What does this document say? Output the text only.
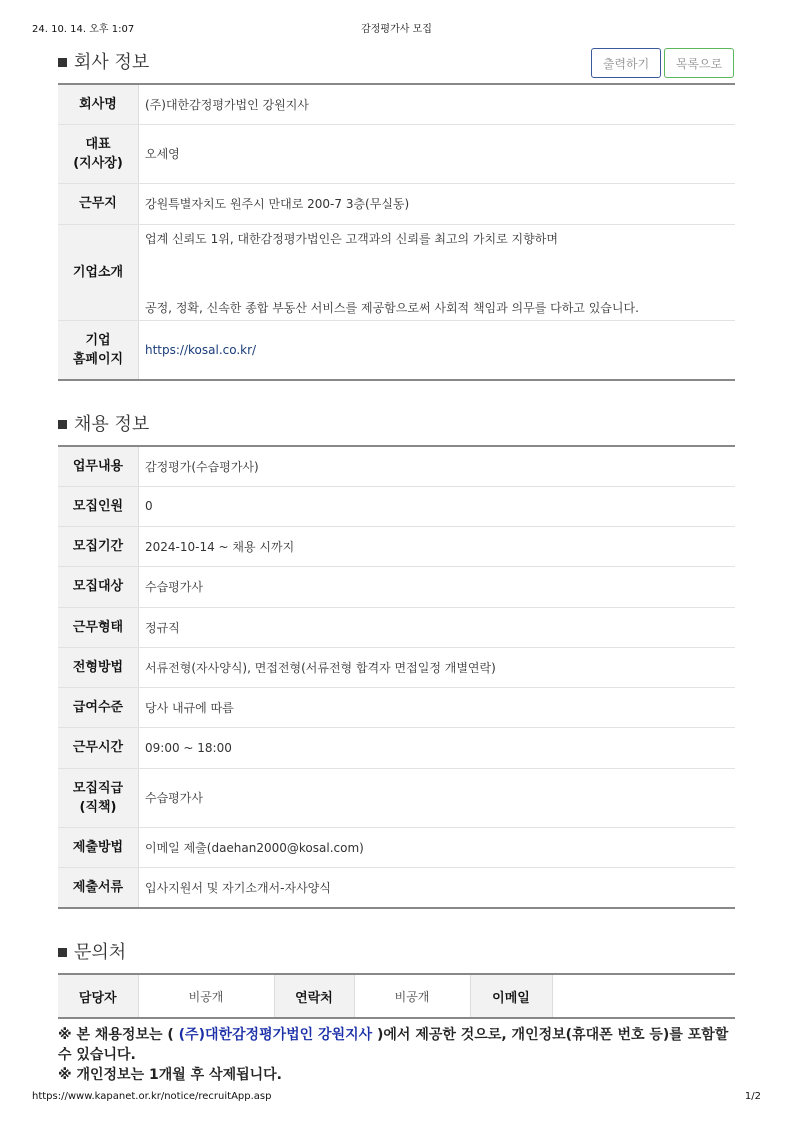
24. 10. 14. 오후 1:07	감정평가사 모집
회사 정보	출력하기	목록으로
회사명	(주)대한감정평가법인 강원지사
대표
(지사장)	오세영
근무지	강원특별자치도 원주시 만대로 200-7 3층(무실동)
기업소개	업계 신뢰도 1위, 대한감정평가법인은 고객과의 신뢰를 최고의 가치로 지향하며
공정, 정확, 신속한 종합 부동산 서비스를 제공함으로써 사회적 책임과 의무를 다하고 있습니다.

기업
홈페이지	https://kosal.co.kr/
채용 정보
업무내용	감정평가(수습평가사)
모집인원	0
모집기간	2024-10-14 ~ 채용 시까지
모집대상	수습평가사
근무형태	정규직
전형방법	서류전형(자사양식), 면접전형(서류전형 합격자 면접일정 개별연락)
급여수준	당사 내규에 따름
근무시간	09:00 ~ 18:00
모집직급
(직책)	수습평가사
제출방법	이메일 제출(daehan2000@kosal.com)
제출서류	입사지원서 및 자기소개서-자사양식
문의처
담당자	비공개	연락처	비공개	이메일	
※ 본 채용정보는 ( (주)대한감정평가법인 강원지사 )에서 제공한 것으로, 개인정보(휴대폰 번호 등)를 포함할 수 있습니다.
※ 개인정보는 1개월 후 삭제됩니다.
https://www.kapanet.or.kr/notice/recruitApp.asp	1/2
